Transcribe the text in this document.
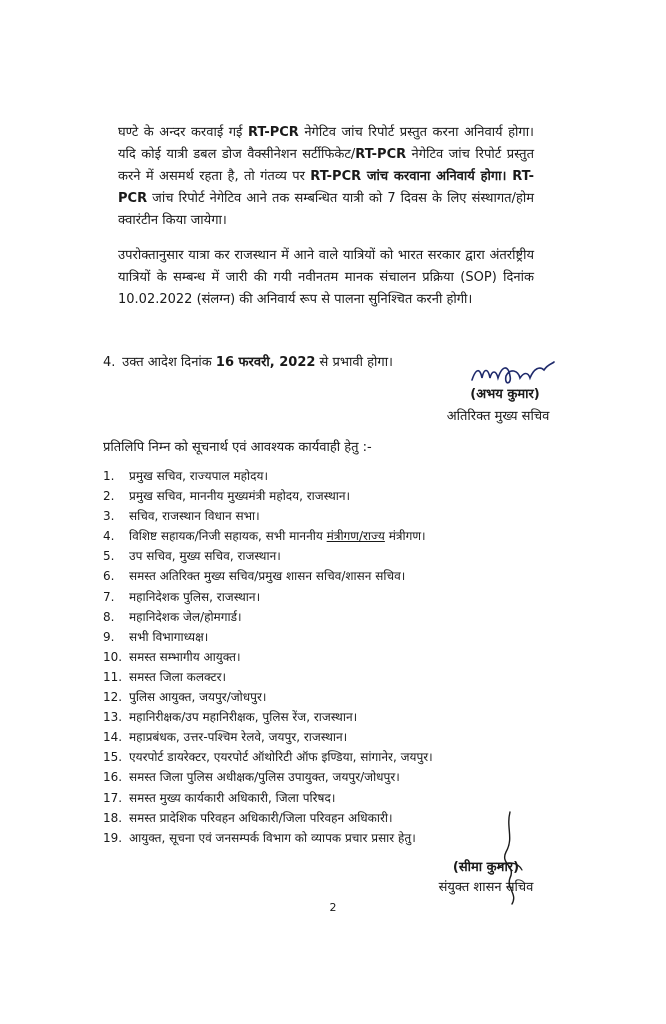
घण्टे के अन्दर करवाई गई RT-PCR नेगेटिव जांच रिपोर्ट प्रस्तुत करना अनिवार्य होगा। यदि कोई यात्री डबल डोज वैक्सीनेशन सर्टीफिकेट/RT-PCR नेगेटिव जांच रिपोर्ट प्रस्तुत करने में असमर्थ रहता है, तो गंतव्य पर RT-PCR जांच करवाना अनिवार्य होगा। RT-PCR जांच रिपोर्ट नेगेटिव आने तक सम्बन्धित यात्री को 7 दिवस के लिए संस्थागत/होम क्वारंटीन किया जायेगा।

उपरोक्तानुसार यात्रा कर राजस्थान में आने वाले यात्रियों को भारत सरकार द्वारा अंतर्राष्ट्रीय यात्रियों के सम्बन्ध में जारी की गयी नवीनतम मानक संचालन प्रक्रिया (SOP) दिनांक 10.02.2022 (संलग्न) की अनिवार्य रूप से पालना सुनिश्चित करनी होगी।

4. उक्त आदेश दिनांक 16 फरवरी, 2022 से प्रभावी होगा।

(अभय कुमार)

अतिरिक्त मुख्य सचिव

प्रतिलिपि निम्न को सूचनार्थ एवं आवश्यक कार्यवाही हेतु :-

1. प्रमुख सचिव, राज्यपाल महोदय।
2. प्रमुख सचिव, माननीय मुख्यमंत्री महोदय, राजस्थान।
3. सचिव, राजस्थान विधान सभा।
4. विशिष्ट सहायक/निजी सहायक, सभी माननीय मंत्रीगण/राज्य मंत्रीगण।
5. उप सचिव, मुख्य सचिव, राजस्थान।
6. समस्त अतिरिक्त मुख्य सचिव/प्रमुख शासन सचिव/शासन सचिव।
7. महानिदेशक पुलिस, राजस्थान।
8. महानिदेशक जेल/होमगार्ड।
9. सभी विभागाध्यक्ष।
10. समस्त सम्भागीय आयुक्त।
11. समस्त जिला कलक्टर।
12. पुलिस आयुक्त, जयपुर/जोधपुर।
13. महानिरीक्षक/उप महानिरीक्षक, पुलिस रेंज, राजस्थान।
14. महाप्रबंधक, उत्तर-पश्चिम रेलवे, जयपुर, राजस्थान।
15. एयरपोर्ट डायरेक्टर, एयरपोर्ट ऑथोरिटी ऑफ इण्डिया, सांगानेर, जयपुर।
16. समस्त जिला पुलिस अधीक्षक/पुलिस उपायुक्त, जयपुर/जोधपुर।
17. समस्त मुख्य कार्यकारी अधिकारी, जिला परिषद।
18. समस्त प्रादेशिक परिवहन अधिकारी/जिला परिवहन अधिकारी।
19. आयुक्त, सूचना एवं जनसम्पर्क विभाग को व्यापक प्रचार प्रसार हेतु।

(सीमा कुमार)

संयुक्त शासन सचिव

2
